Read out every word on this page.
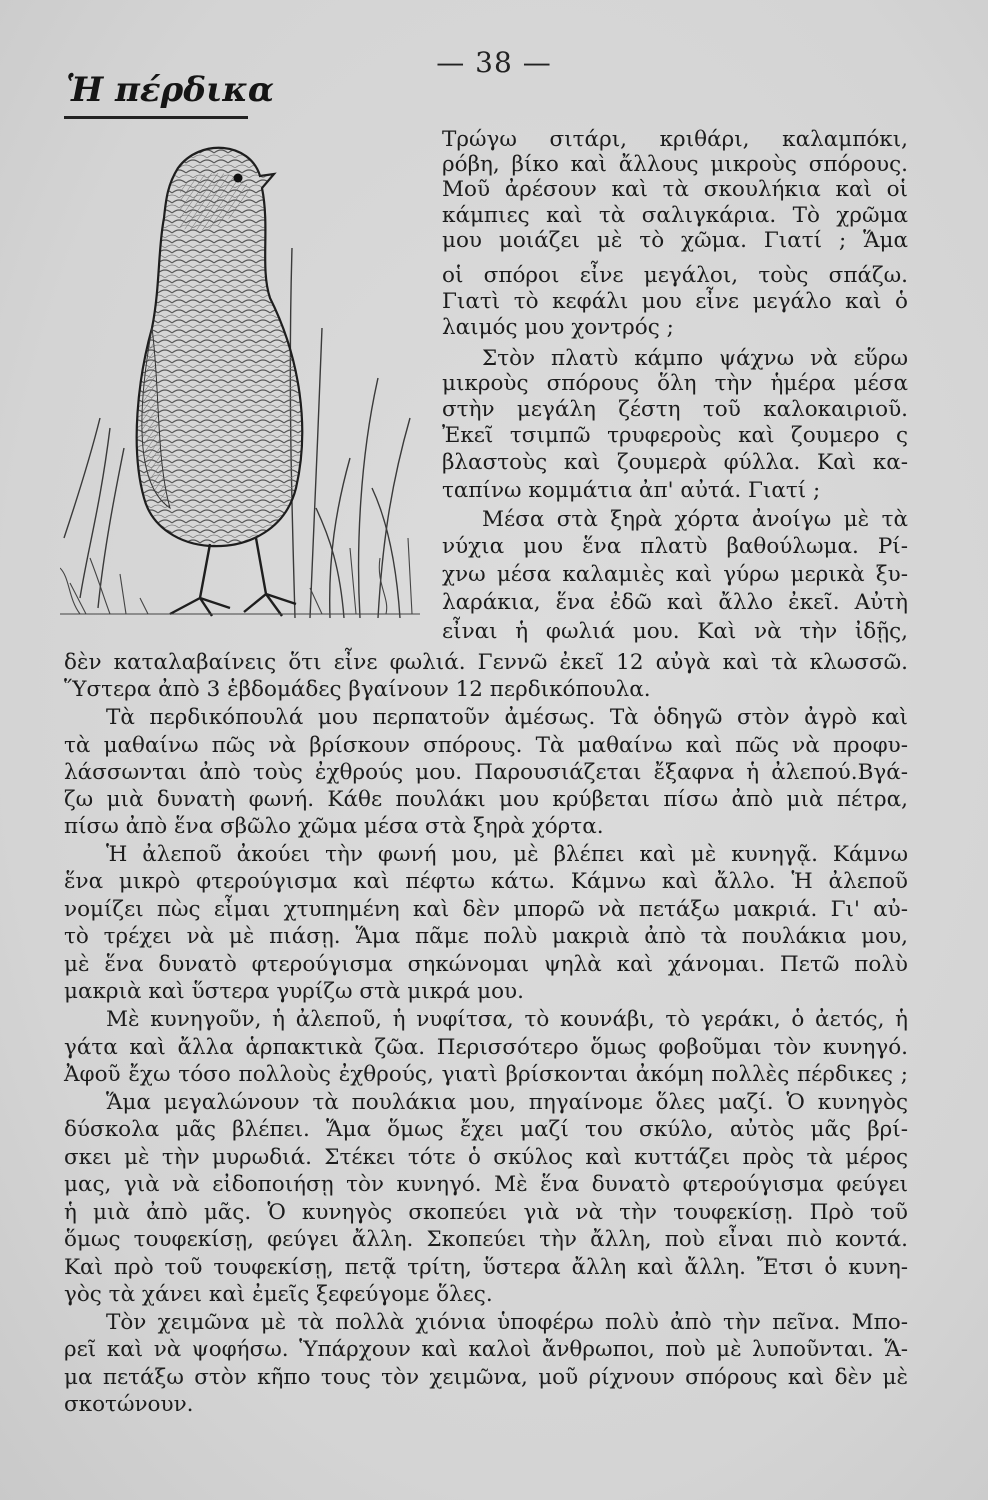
— 38 —
Ἡ πέρδικα
Τρώγω σιτάρι, κριθάρι, καλαμπόκι,
ρόβη, βίκο καὶ ἄλλους μικροὺς σπόρους.
Μοῦ ἀρέσουν καὶ τὰ σκουλήκια καὶ οἱ
κάμπιες καὶ τὰ σαλιγκάρια. Τὸ χρῶμα
μου μοιάζει μὲ τὸ χῶμα. Γιατί ; Ἅμα
οἱ σπόροι εἶνε μεγάλοι, τοὺς σπάζω.
Γιατὶ τὸ κεφάλι μου εἶνε μεγάλο καὶ ὁ
λαιμός μου χοντρός ;
Στὸν πλατὺ κάμπο ψάχνω νὰ εὕρω
μικροὺς σπόρους ὅλη τὴν ἡμέρα μέσα
στὴν μεγάλη ζέστη τοῦ καλοκαιριοῦ.
Ἐκεῖ τσιμπῶ τρυφεροὺς καὶ ζουμερο ς
βλαστοὺς καὶ ζουμερὰ φύλλα. Καὶ κα-
ταπίνω κομμάτια ἀπ' αὐτά. Γιατί ;
Μέσα στὰ ξηρὰ χόρτα ἀνοίγω μὲ τὰ
νύχια μου ἕνα πλατὺ βαθούλωμα. Ρί-
χνω μέσα καλαμιὲς καὶ γύρω μερικὰ ξυ-
λαράκια, ἕνα ἐδῶ καὶ ἄλλο ἐκεῖ. Αὐτὴ
εἶναι ἡ φωλιά μου. Καὶ νὰ τὴν ἰδῇς,
δὲν καταλαβαίνεις ὅτι εἶνε φωλιά. Γεννῶ ἐκεῖ 12 αὐγὰ καὶ τὰ κλωσσῶ.
Ὕστερα ἀπὸ 3 ἑβδομάδες βγαίνουν 12 περδικόπουλα.
Τὰ περδικόπουλά μου περπατοῦν ἀμέσως. Τὰ ὁδηγῶ στὸν ἀγρὸ καὶ
τὰ μαθαίνω πῶς νὰ βρίσκουν σπόρους. Τὰ μαθαίνω καὶ πῶς νὰ προφυ-
λάσσωνται ἀπὸ τοὺς ἐχθρούς μου. Παρουσιάζεται ἔξαφνα ἡ ἀλεπού.Βγά-
ζω μιὰ δυνατὴ φωνή. Κάθε πουλάκι μου κρύβεται πίσω ἀπὸ μιὰ πέτρα,
πίσω ἀπὸ ἕνα σβῶλο χῶμα μέσα στὰ ξηρὰ χόρτα.
Ἡ ἀλεποῦ ἀκούει τὴν φωνή μου, μὲ βλέπει καὶ μὲ κυνηγᾷ. Κάμνω
ἕνα μικρὸ φτερούγισμα καὶ πέφτω κάτω. Κάμνω καὶ ἄλλο. Ἡ ἀλεποῦ
νομίζει πὼς εἶμαι χτυπημένη καὶ δὲν μπορῶ νὰ πετάξω μακριά. Γι' αὐ-
τὸ τρέχει νὰ μὲ πιάσῃ. Ἅμα πᾶμε πολὺ μακριὰ ἀπὸ τὰ πουλάκια μου,
μὲ ἕνα δυνατὸ φτερούγισμα σηκώνομαι ψηλὰ καὶ χάνομαι. Πετῶ πολὺ
μακριὰ καὶ ὕστερα γυρίζω στὰ μικρά μου.
Μὲ κυνηγοῦν, ἡ ἀλεποῦ, ἡ νυφίτσα, τὸ κουνάβι, τὸ γεράκι, ὁ ἀετός, ἡ
γάτα καὶ ἄλλα ἁρπακτικὰ ζῶα. Περισσότερο ὅμως φοβοῦμαι τὸν κυνηγό.
Ἀφοῦ ἔχω τόσο πολλοὺς ἐχθρούς, γιατὶ βρίσκονται ἀκόμη πολλὲς πέρδικες ;
Ἅμα μεγαλώνουν τὰ πουλάκια μου, πηγαίνομε ὅλες μαζί. Ὁ κυνηγὸς
δύσκολα μᾶς βλέπει. Ἅμα ὅμως ἔχει μαζί του σκύλο, αὐτὸς μᾶς βρί-
σκει μὲ τὴν μυρωδιά. Στέκει τότε ὁ σκύλος καὶ κυττάζει πρὸς τὰ μέρος
μας, γιὰ νὰ εἰδοποιήσῃ τὸν κυνηγό. Μὲ ἕνα δυνατὸ φτερούγισμα φεύγει
ἡ μιὰ ἀπὸ μᾶς. Ὁ κυνηγὸς σκοπεύει γιὰ νὰ τὴν τουφεκίσῃ. Πρὸ τοῦ
ὅμως τουφεκίσῃ, φεύγει ἄλλη. Σκοπεύει τὴν ἄλλη, ποὺ εἶναι πιὸ κοντά.
Καὶ πρὸ τοῦ τουφεκίσῃ, πετᾷ τρίτη, ὕστερα ἄλλη καὶ ἄλλη. Ἔτσι ὁ κυνη-
γὸς τὰ χάνει καὶ ἐμεῖς ξεφεύγομε ὅλες.
Τὸν χειμῶνα μὲ τὰ πολλὰ χιόνια ὑποφέρω πολὺ ἀπὸ τὴν πεῖνα. Μπο-
ρεῖ καὶ νὰ ψοφήσω. Ὑπάρχουν καὶ καλοὶ ἄνθρωποι, ποὺ μὲ λυποῦνται. Ἅ-
μα πετάξω στὸν κῆπο τους τὸν χειμῶνα, μοῦ ρίχνουν σπόρους καὶ δὲν μὲ
σκοτώνουν.
